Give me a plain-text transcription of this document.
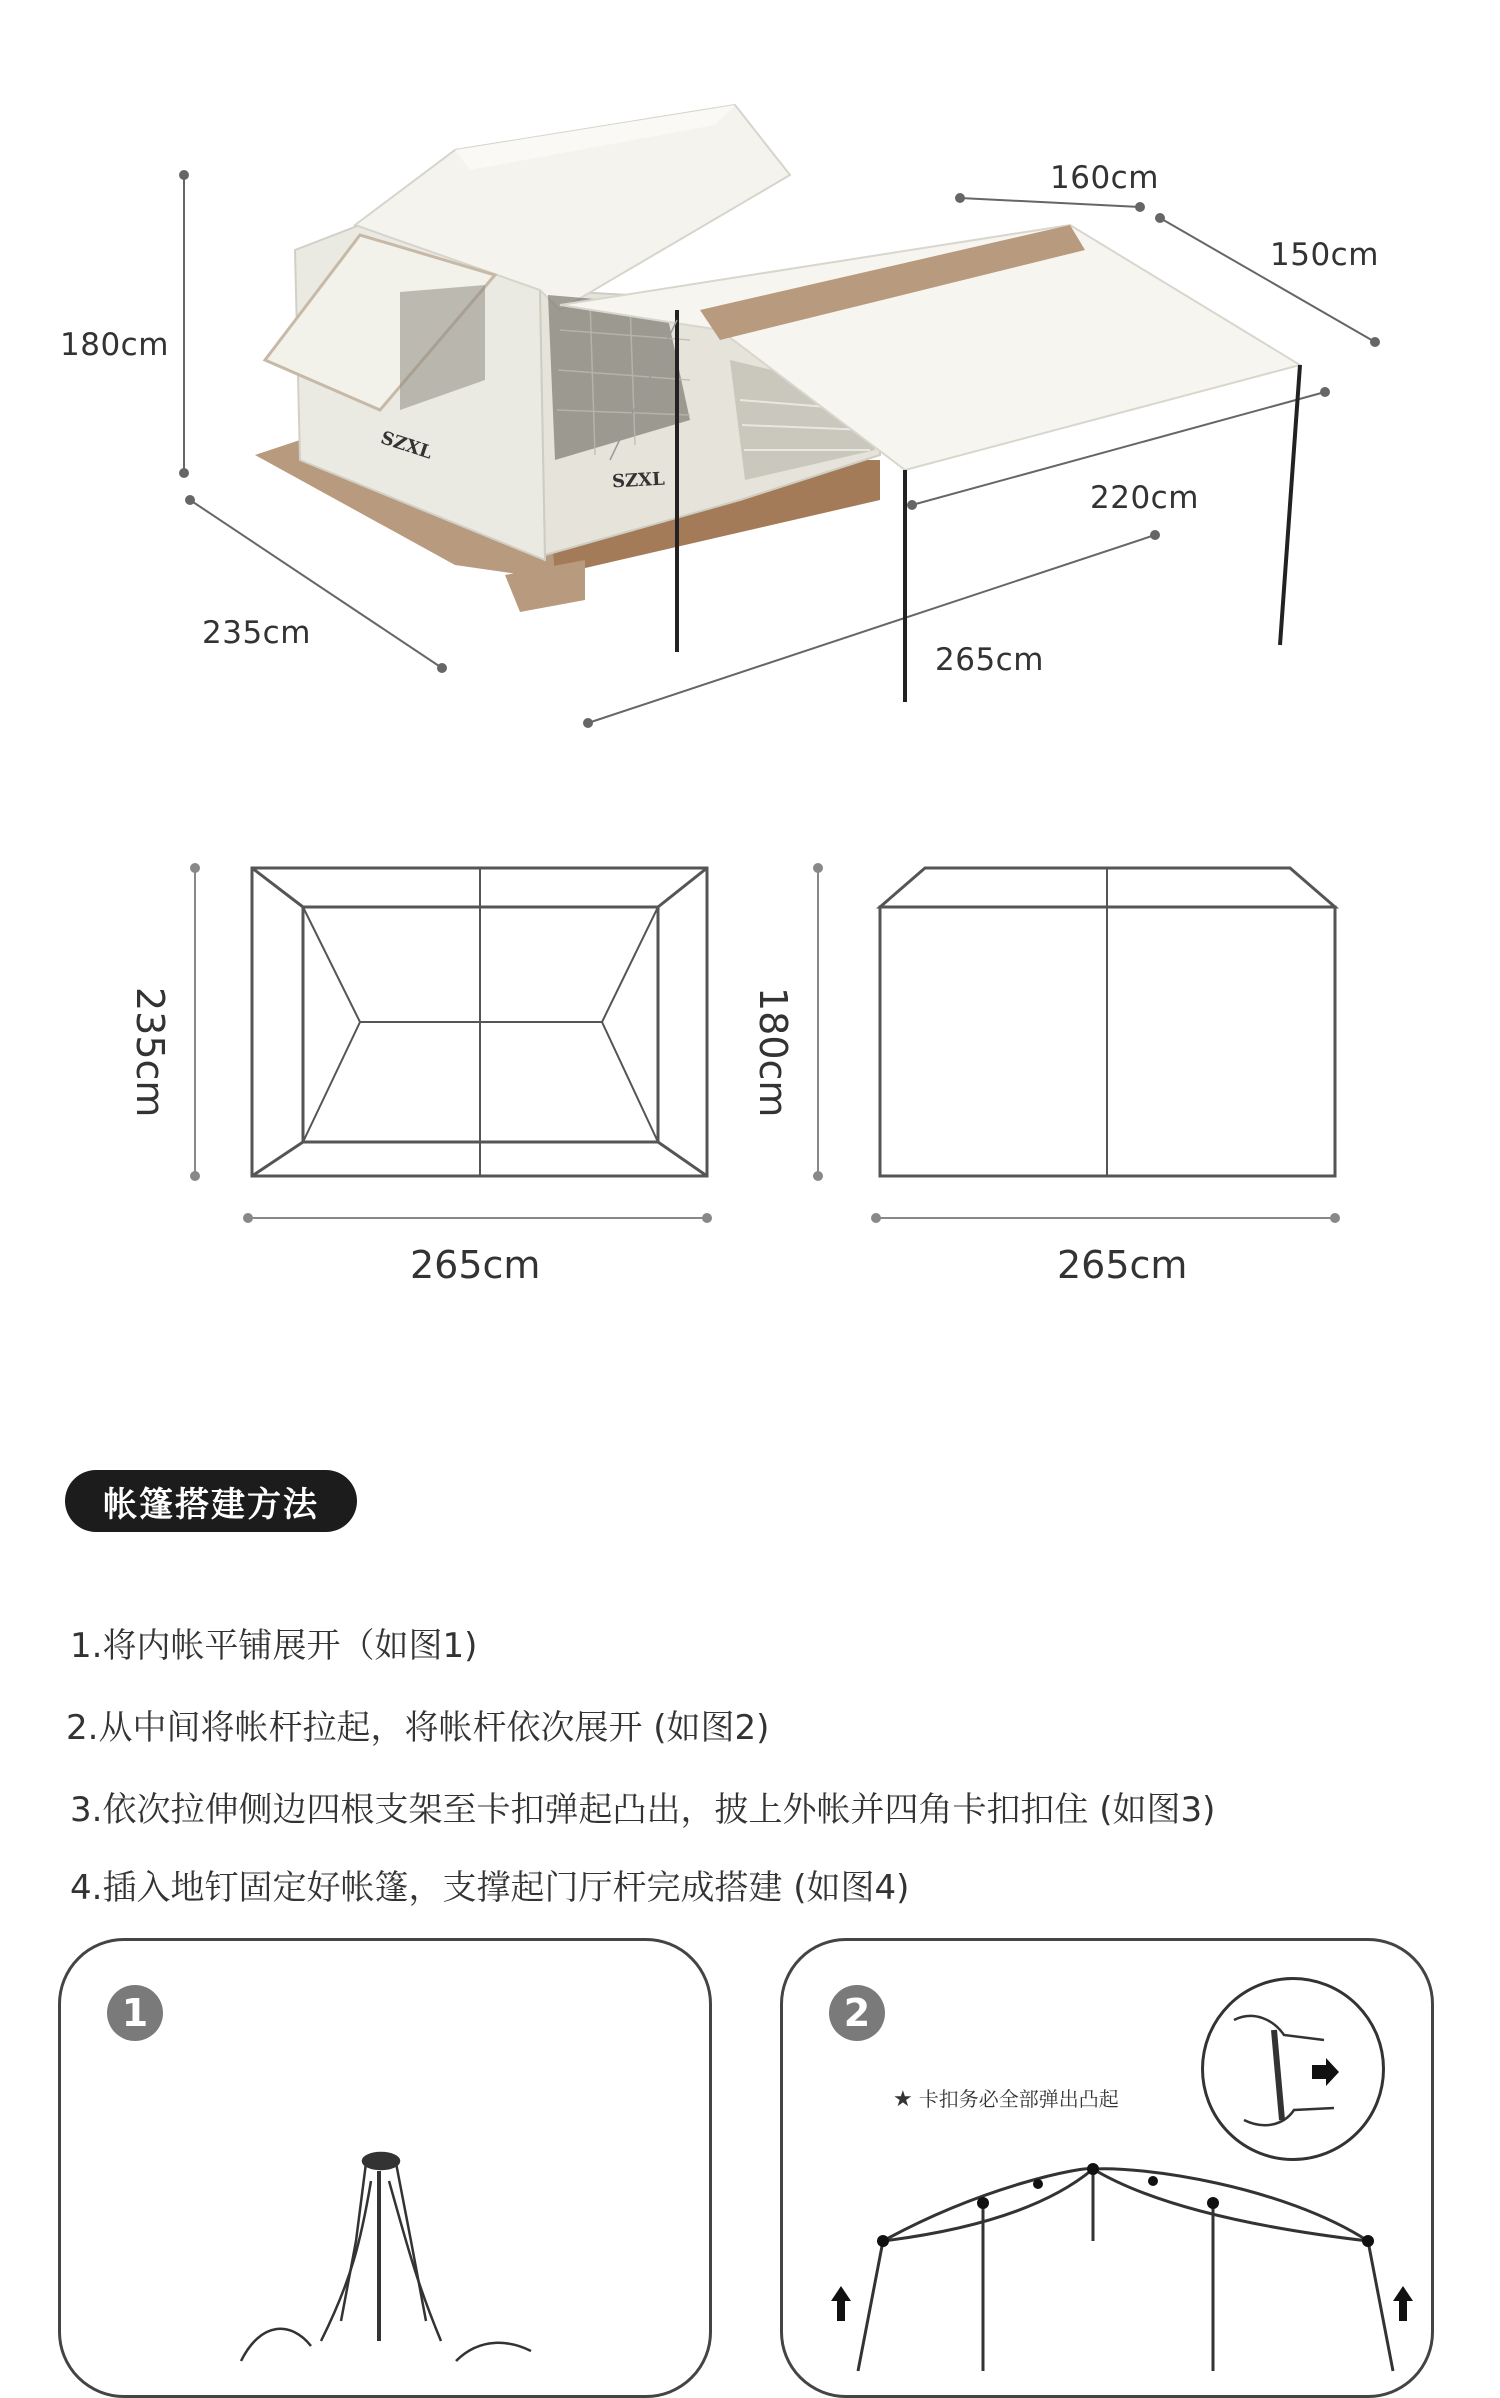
SZXL
SZXL
180cm
235cm
160cm
150cm
220cm
265cm
235cm
265cm
180cm
265cm
帐篷搭建方法
1.将内帐平铺展开（如图1)
2.从中间将帐杆拉起，将帐杆依次展开 (如图2)
3.依次拉伸侧边四根支架至卡扣弹起凸出，披上外帐并四角卡扣扣住 (如图3)
4.插入地钉固定好帐篷，支撑起门厅杆完成搭建 (如图4)
1	2
★ 卡扣务必全部弹出凸起
